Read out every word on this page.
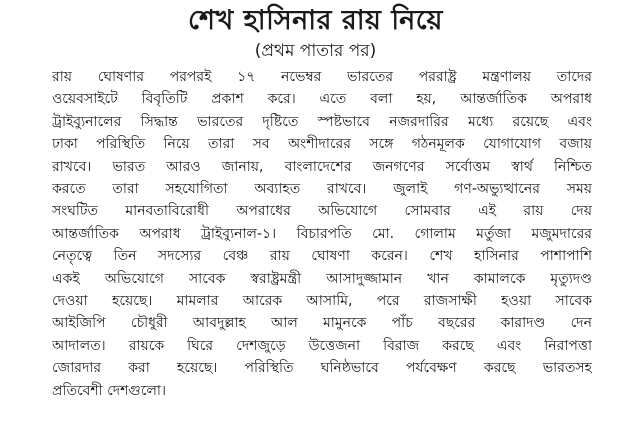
শেখ হাসিনার রায় নিয়ে
(প্রথম পাতার পর)
রায় ঘোষণার পরপরই ১৭ নভেম্বর ভারতের পররাষ্ট্র মন্ত্রণালয় তাদের
ওয়েবসাইটে বিবৃতিটি প্রকাশ করে। এতে বলা হয়, আন্তর্জাতিক অপরাধ
ট্রাইব্যুনালের সিদ্ধান্ত ভারতের দৃষ্টিতে স্পষ্টভাবে নজরদারির মধ্যে রয়েছে এবং
ঢাকা পরিস্থিতি নিয়ে তারা সব অংশীদারের সঙ্গে গঠনমূলক যোগাযোগ বজায়
রাখবে। ভারত আরও জানায়, বাংলাদেশের জনগণের সর্বোত্তম স্বার্থ নিশ্চিত
করতে তারা সহযোগিতা অব্যাহত রাখবে। জুলাই গণ-অভ্যুত্থানের সময়
সংঘটিত মানবতাবিরোধী অপরাধের অভিযোগে সোমবার এই রায় দেয়
আন্তর্জাতিক অপরাধ ট্রাইব্যুনাল-১। বিচারপতি মো. গোলাম মর্তুজা মজুমদারের
নেতৃত্বে তিন সদস্যের বেঞ্চ রায় ঘোষণা করেন। শেখ হাসিনার পাশাপাশি
একই অভিযোগে সাবেক স্বরাষ্ট্রমন্ত্রী আসাদুজ্জামান খান কামালকে মৃত্যুদণ্ড
দেওয়া হয়েছে। মামলার আরেক আসামি, পরে রাজসাক্ষী হওয়া সাবেক
আইজিপি চৌধুরী আবদুল্লাহ আল মামুনকে পাঁচ বছরের কারাদণ্ড দেন
আদালত। রায়কে ঘিরে দেশজুড়ে উত্তেজনা বিরাজ করছে এবং নিরাপত্তা
জোরদার করা হয়েছে। পরিস্থিতি ঘনিষ্ঠভাবে পর্যবেক্ষণ করছে ভারতসহ
প্রতিবেশী দেশগুলো।
